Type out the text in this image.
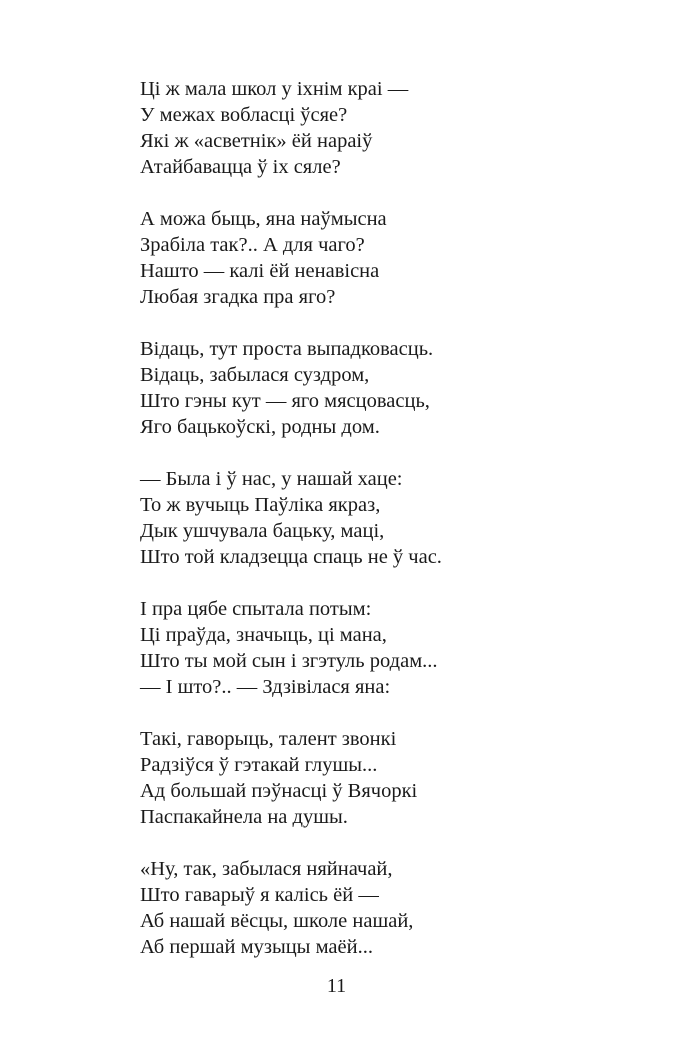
Ці ж мала школ у іхнім краі —
У межах вобласці ўсяе?
Які ж «асветнік» ёй нараіў
Атайбавацца ў іх сяле?
А можа быць, яна наўмысна
Зрабіла так?.. А для чаго?
Нашто — калі ёй ненавісна
Любая згадка пра яго?
Відаць, тут проста выпадковасць.
Відаць, забылася суздром,
Што гэны кут — яго мясцовасць,
Яго бацькоўскі, родны дом.
— Была і ў нас, у нашай хаце:
То ж вучыць Паўліка якраз,
Дык ушчувала бацьку, маці,
Што той кладзецца спаць не ў час.
І пра цябе спытала потым:
Ці праўда, значыць, ці мана,
Што ты мой сын і згэтуль родам...
— І што?.. — Здзівілася яна:
Такі, гаворыць, талент звонкі
Радзіўся ў гэтакай глушы...
Ад большай пэўнасці ў Вячоркі
Паспакайнела на душы.
«Ну, так, забылася няйначай,
Што гаварыў я калісь ёй —
Аб нашай вёсцы, школе нашай,
Аб першай музыцы маёй...
11
